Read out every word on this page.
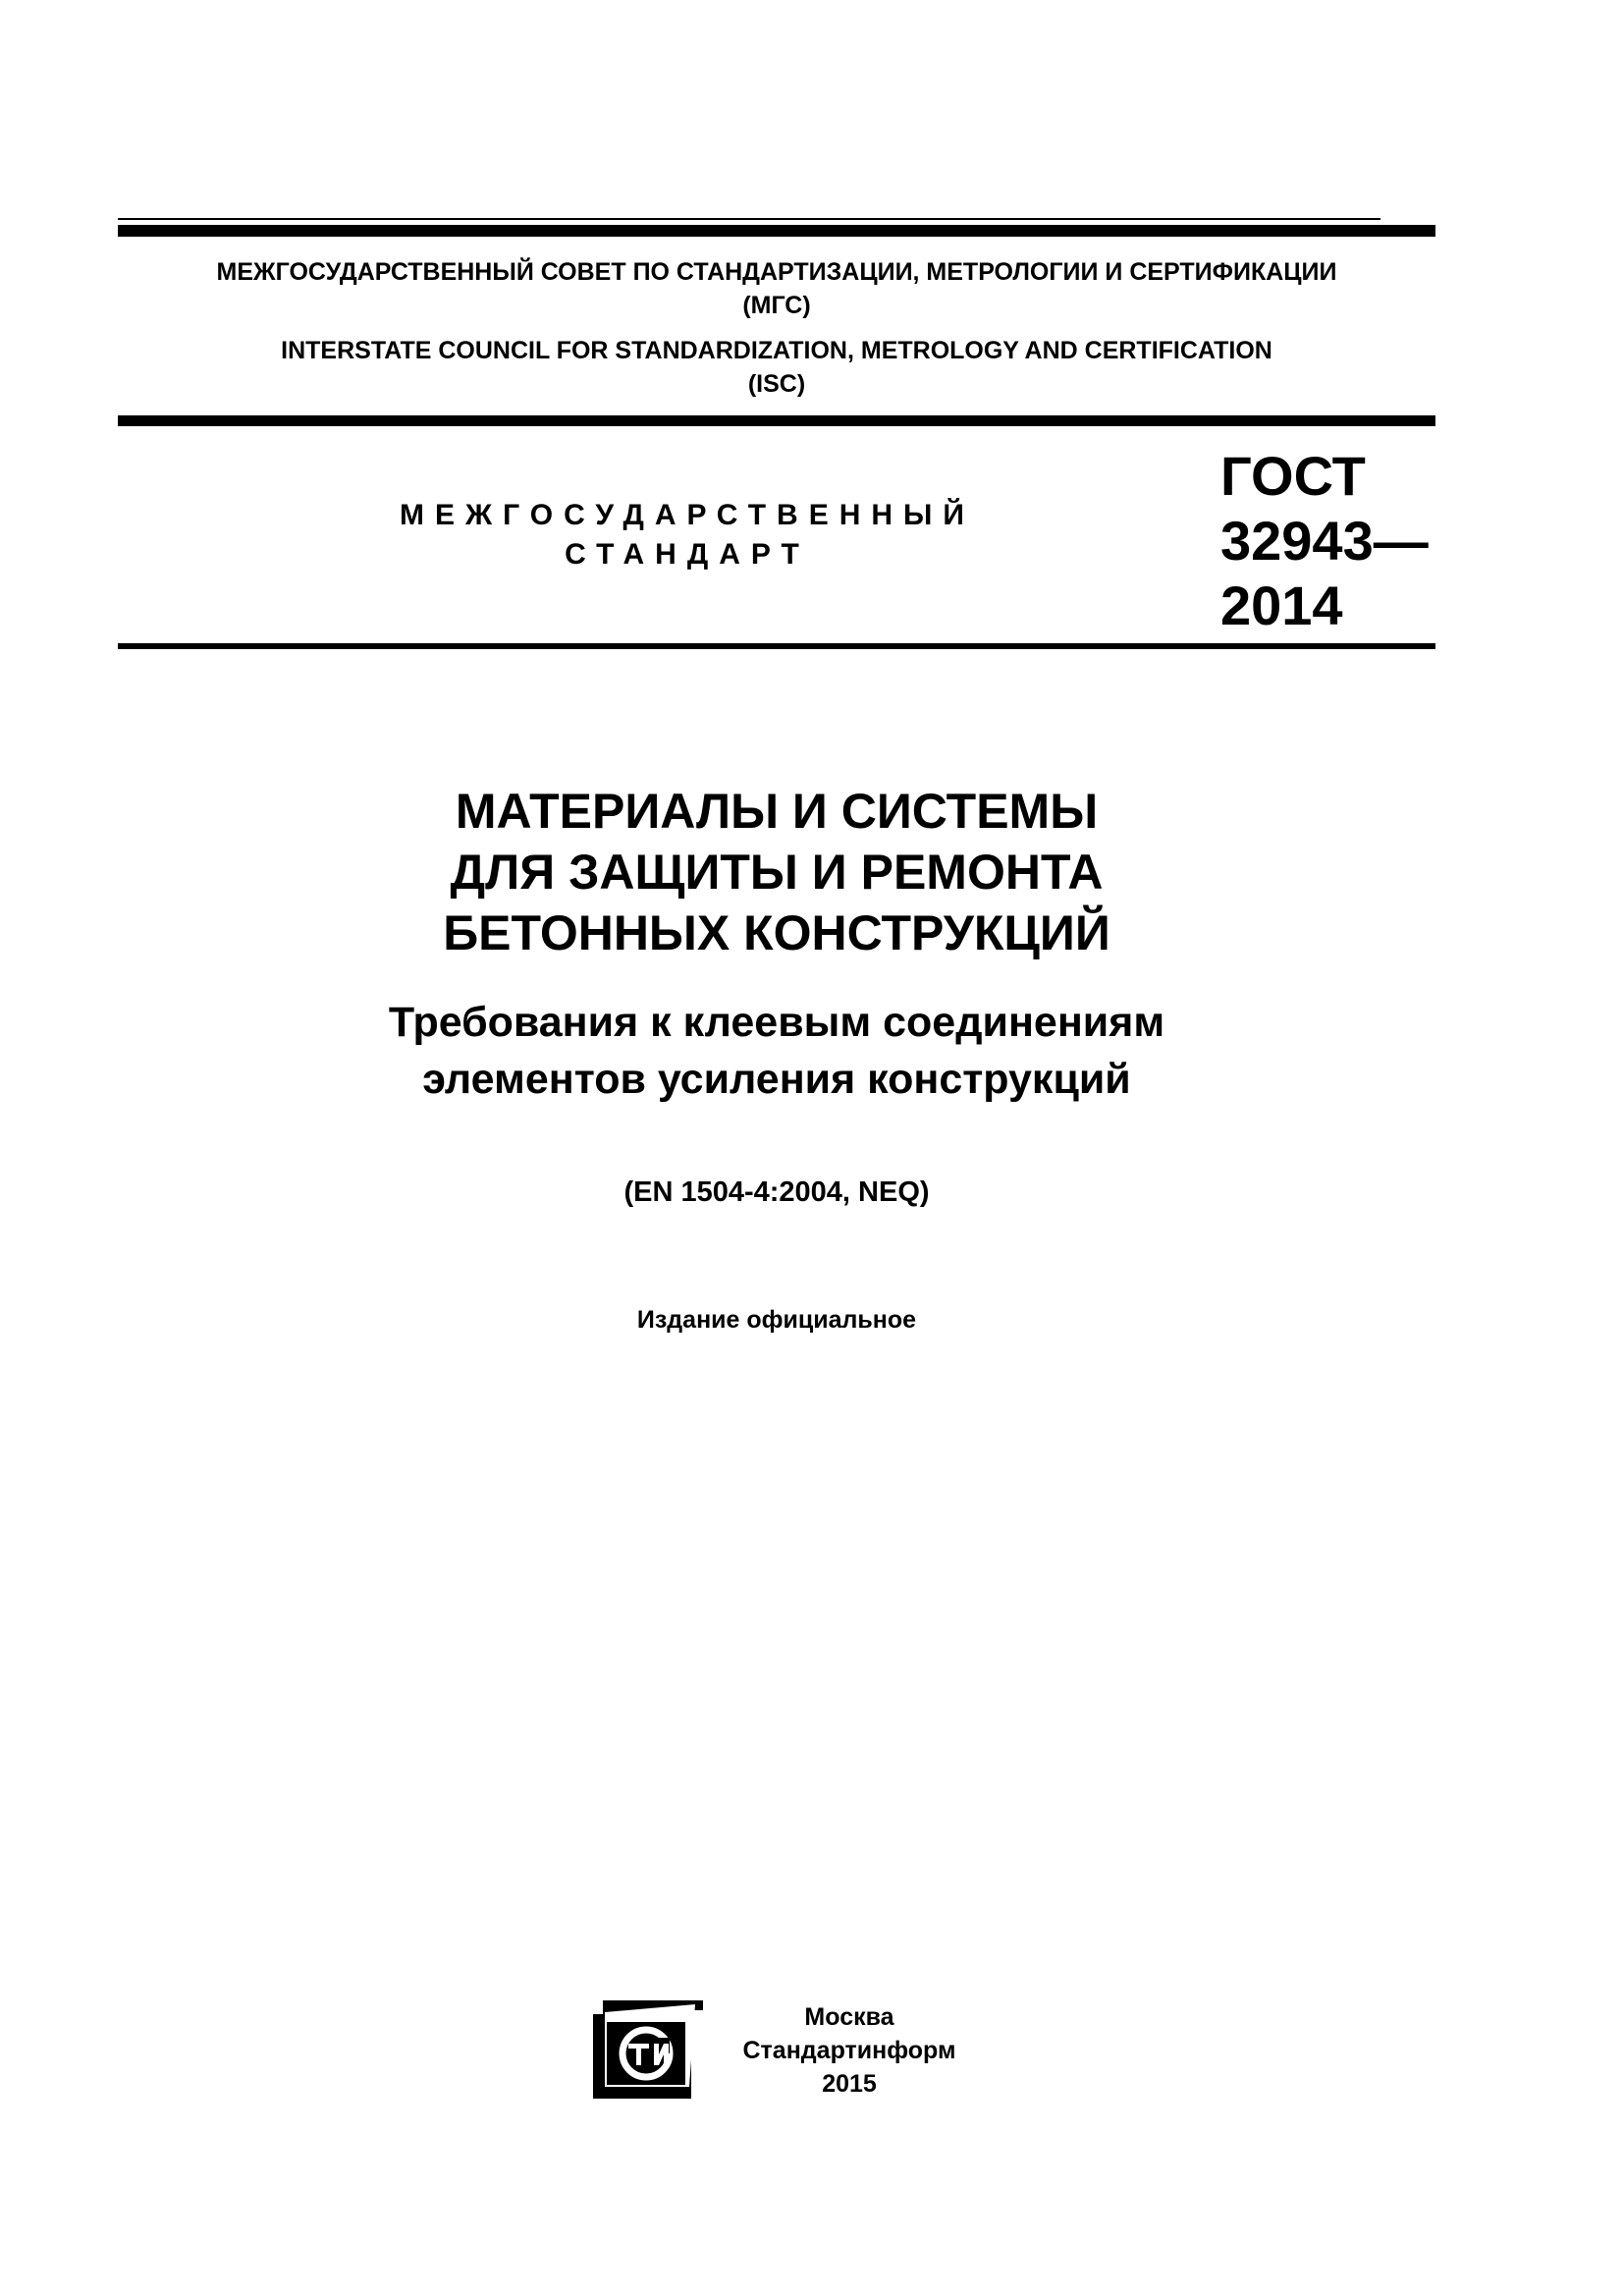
МЕЖГОСУДАРСТВЕННЫЙ СОВЕТ ПО СТАНДАРТИЗАЦИИ, МЕТРОЛОГИИ И СЕРТИФИКАЦИИ
(МГС)
INTERSTATE COUNCIL FOR STANDARDIZATION, METROLOGY AND CERTIFICATION
(ISC)
МЕЖГОСУДАРСТВЕННЫЙ
СТАНДАРТ
ГОСТ
32943—
2014
МАТЕРИАЛЫ И СИСТЕМЫ
ДЛЯ ЗАЩИТЫ И РЕМОНТА
БЕТОННЫХ КОНСТРУКЦИЙ
Требования к клеевым соединениям
элементов усиления конструкций
(EN 1504-4:2004, NEQ)
Издание официальное
Москва
Стандартинформ
2015
